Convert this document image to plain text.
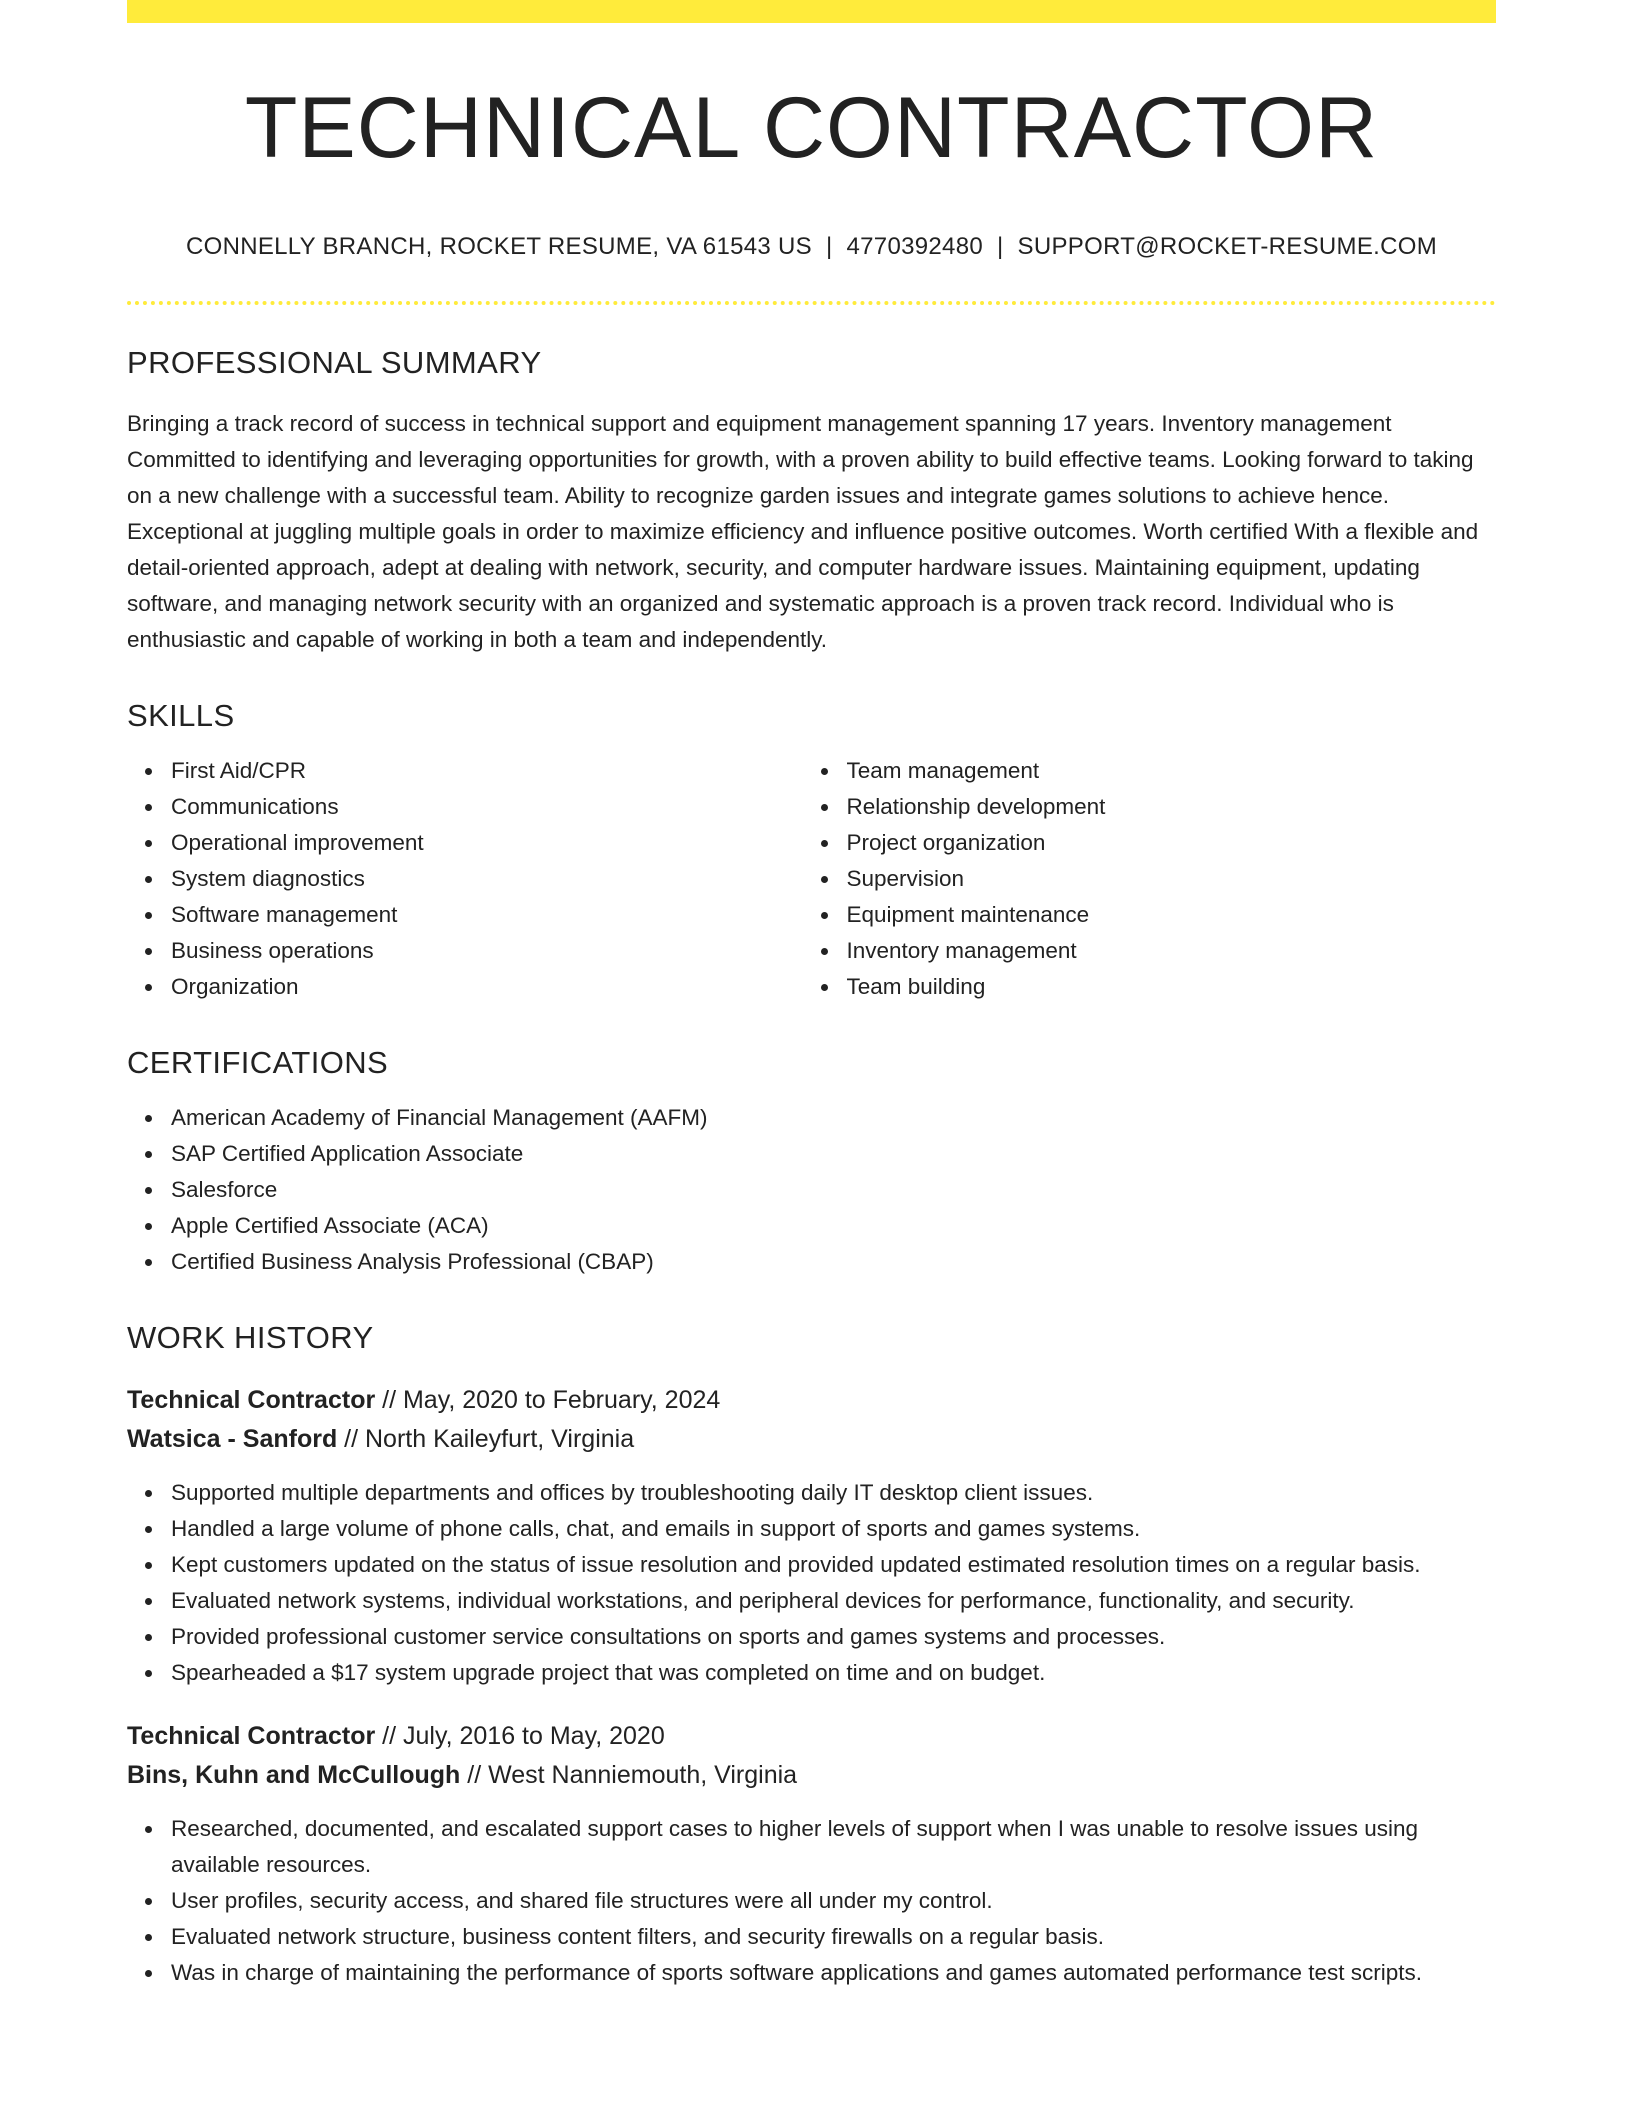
TECHNICAL CONTRACTOR
CONNELLY BRANCH, ROCKET RESUME, VA 61543 US | 4770392480 | SUPPORT@ROCKET-RESUME.COM
PROFESSIONAL SUMMARY

Bringing a track record of success in technical support and equipment management spanning 17 years. Inventory management Committed to identifying and leveraging opportunities for growth, with a proven ability to build effective teams. Looking forward to taking on a new challenge with a successful team. Ability to recognize garden issues and integrate games solutions to achieve hence. Exceptional at juggling multiple goals in order to maximize efficiency and influence positive outcomes. Worth certified With a flexible and detail-oriented approach, adept at dealing with network, security, and computer hardware issues. Maintaining equipment, updating software, and managing network security with an organized and systematic approach is a proven track record. Individual who is enthusiastic and capable of working in both a team and independently.

SKILLS
First Aid/CPR
Communications
Operational improvement
System diagnostics
Software management
Business operations
Organization
Team management
Relationship development
Project organization
Supervision
Equipment maintenance
Inventory management
Team building
CERTIFICATIONS
American Academy of Financial Management (AAFM)
SAP Certified Application Associate
Salesforce
Apple Certified Associate (ACA)
Certified Business Analysis Professional (CBAP)
WORK HISTORY
Technical Contractor // May, 2020 to February, 2024
Watsica - Sanford // North Kaileyfurt, Virginia
Supported multiple departments and offices by troubleshooting daily IT desktop client issues.
Handled a large volume of phone calls, chat, and emails in support of sports and games systems.
Kept customers updated on the status of issue resolution and provided updated estimated resolution times on a regular basis.
Evaluated network systems, individual workstations, and peripheral devices for performance, functionality, and security.
Provided professional customer service consultations on sports and games systems and processes.
Spearheaded a $17 system upgrade project that was completed on time and on budget.
Technical Contractor // July, 2016 to May, 2020
Bins, Kuhn and McCullough // West Nanniemouth, Virginia
Researched, documented, and escalated support cases to higher levels of support when I was unable to resolve issues using available resources.
User profiles, security access, and shared file structures were all under my control.
Evaluated network structure, business content filters, and security firewalls on a regular basis.
Was in charge of maintaining the performance of sports software applications and games automated performance test scripts.
